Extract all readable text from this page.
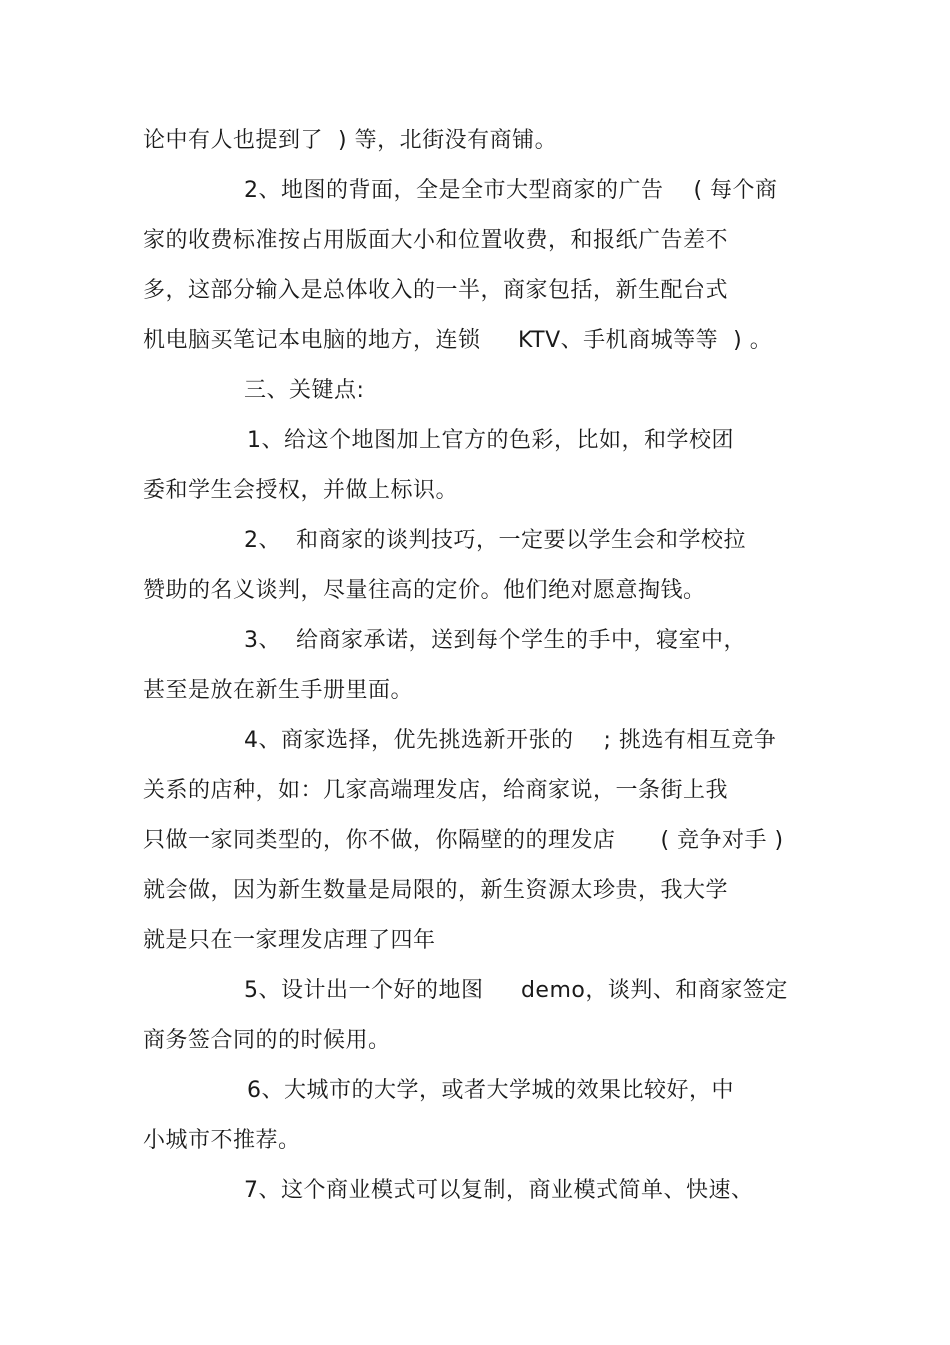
论中有人也提到了  ) 等，北街没有商铺。
2、地图的背面，全是全市大型商家的广告    ( 每个商
家的收费标准按占用版面大小和位置收费，和报纸广告差不
多，这部分输入是总体收入的一半，商家包括，新生配台式
机电脑买笔记本电脑的地方，连锁     KTV、手机商城等等  ) 。
三、关键点:
1、给这个地图加上官方的色彩，比如，和学校团
委和学生会授权，并做上标识。
2、  和商家的谈判技巧，一定要以学生会和学校拉
赞助的名义谈判，尽量往高的定价。他们绝对愿意掏钱。
3、  给商家承诺，送到每个学生的手中，寝室中，
甚至是放在新生手册里面。
4、商家选择，优先挑选新开张的    ; 挑选有相互竞争
关系的店种，如：几家高端理发店，给商家说，一条街上我
只做一家同类型的，你不做，你隔壁的的理发店      ( 竞争对手 )
就会做，因为新生数量是局限的，新生资源太珍贵，我大学
就是只在一家理发店理了四年
5、设计出一个好的地图     demo，谈判、和商家签定
商务签合同的的时候用。
6、大城市的大学，或者大学城的效果比较好，中
小城市不推荐。
7、这个商业模式可以复制，商业模式简单、快速、
